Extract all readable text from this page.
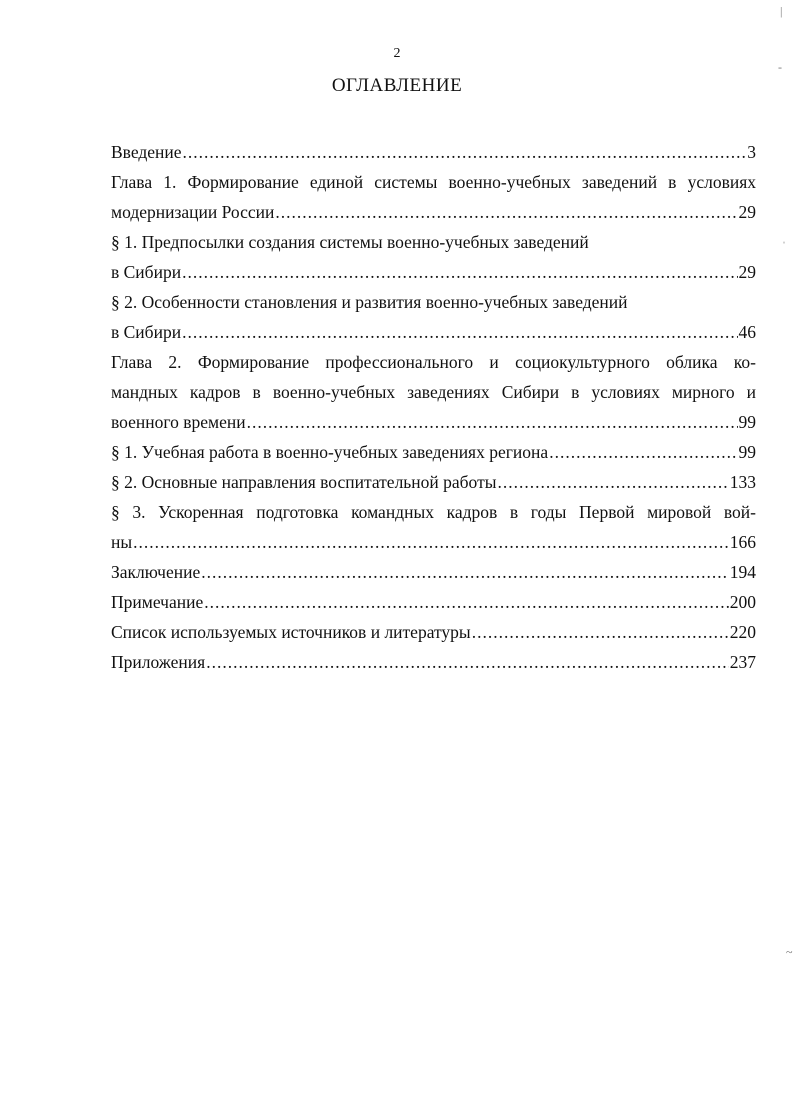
2
ОГЛАВЛЕНИЕ
Введение .....	3
Глава 1. Формирование единой системы военно-учебных заведений в условиях
модернизации России .....	29
§ 1. Предпосылки создания системы военно-учебных заведений
в Сибири .....	29
§ 2. Особенности становления и развития военно-учебных заведений
в Сибири .....	46
Глава 2. Формирование профессионального и социокультурного облика ко-
мандных кадров в военно-учебных заведениях Сибири в условиях мирного и
военного времени .....	99
§ 1. Учебная работа в военно-учебных заведениях региона .....	99
§ 2. Основные направления воспитательной работы .....	133
§ 3. Ускоренная подготовка командных кадров в годы Первой мировой вой-
ны .....	166
Заключение .....	194
Примечание .....	200
Список используемых источников и литературы .....	220
Приложения .....	237
|
-
ˌ
~
